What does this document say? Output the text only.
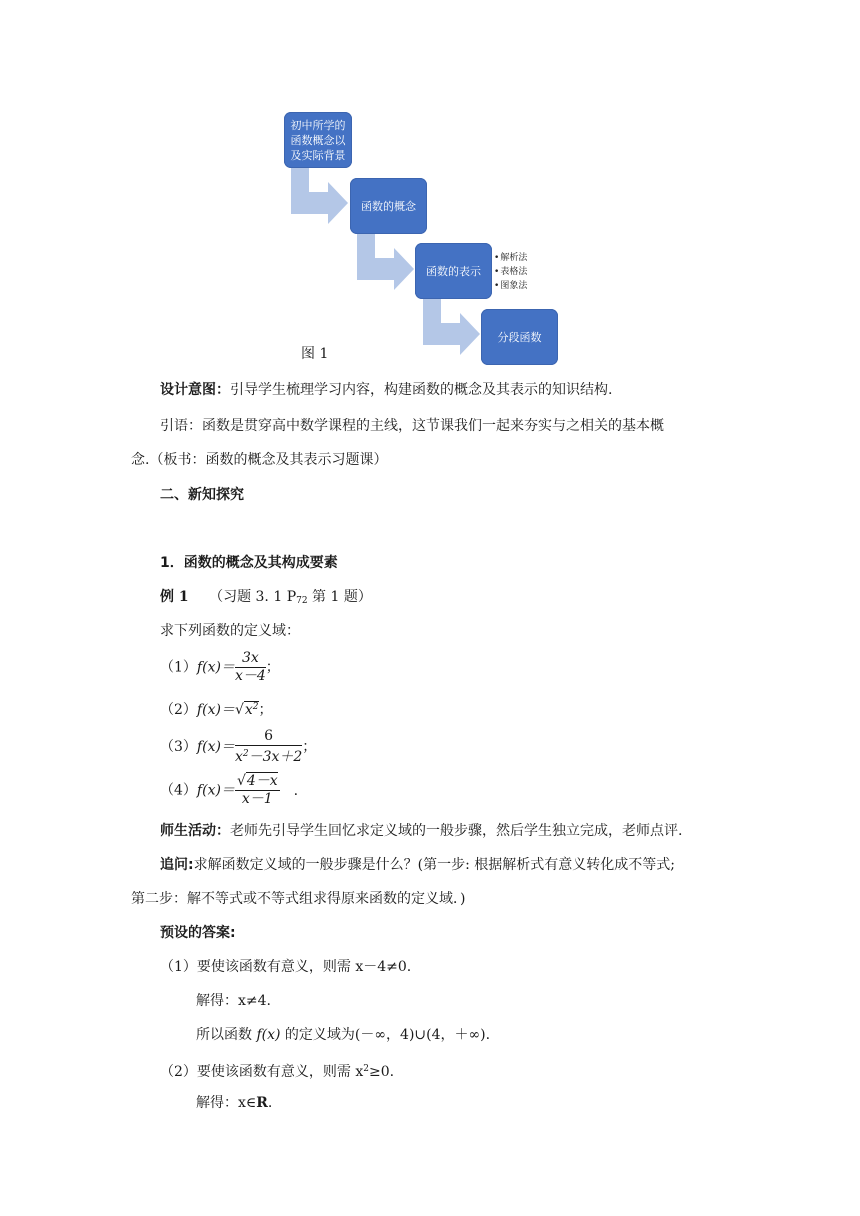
初中所学的函数概念以及实际背景
函数的概念
函数的表示
分段函数
• 解析法
• 表格法
• 图象法
图 1
设计意图：引导学生梳理学习内容，构建函数的概念及其表示的知识结构.
引语：函数是贯穿高中数学课程的主线，这节课我们一起来夯实与之相关的基本概
念.（板书：函数的概念及其表示习题课）
二、新知探究
1．函数的概念及其构成要素
例 1 （习题 3. 1 $P_{72}$ 第 1 题）
求下列函数的定义域：
$(1)f(x)= \frac{3x}{x-4}$ ；
$(2)f(x)=√x^2$；
$(3)f(x)= \frac{6}{x^2-3x+2}$ ；
$(4)f(x)= \frac{√4-x}{x-1}$ .
师生活动：老师先引导学生回忆求定义域的一般步骤，然后学生独立完成，老师点评.
追问:求解函数定义域的一般步骤是什么？(第一步: 根据解析式有意义转化成不等式;
第二步：解不等式或不等式组求得原来函数的定义域．)
预设的答案:
（1）要使该函数有意义，则需 x－4≠0.
解得：x≠4.
所以函数 f(x) 的定义域为(－∞，4)∪(4，＋∞).
（2）要使该函数有意义，则需 $x^2\ge 0$.
解得：x∈R.
